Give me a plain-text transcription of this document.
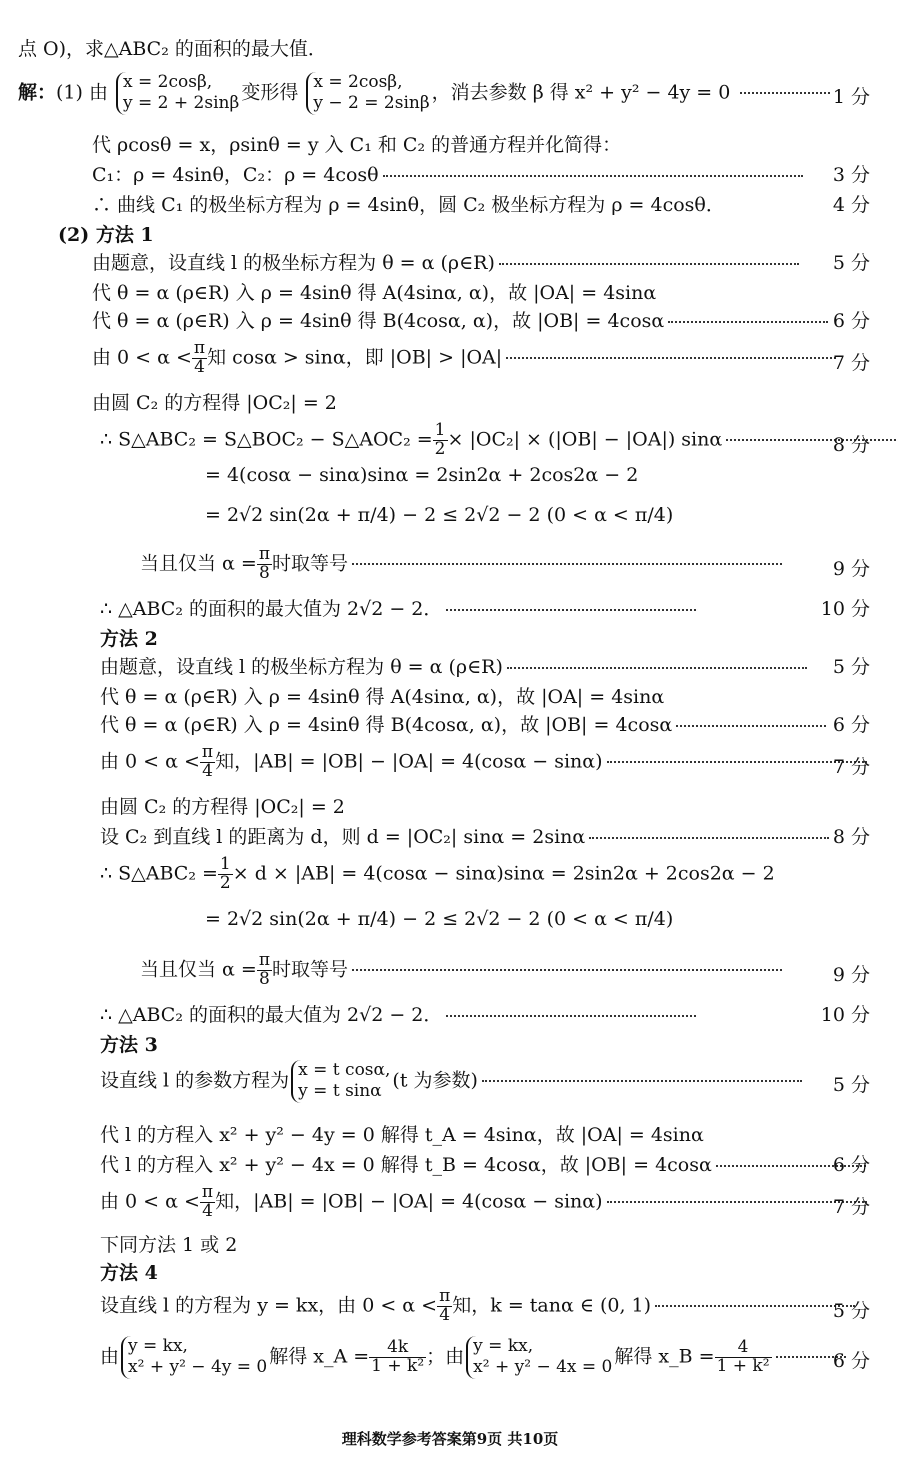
点 O)，求△ABC₂ 的面积的最大值．
解：(1) 由 x = 2cosβ,
y = 2 + 2sinβ 变形得 x = 2cosβ,
y − 2 = 2sinβ ，消去参数 β 得 x² + y² − 4y = 0	1 分
代 ρcosθ = x，ρsinθ = y 入 C₁ 和 C₂ 的普通方程并化简得：
C₁：ρ = 4sinθ，C₂：ρ = 4cosθ	3 分
∴ 曲线 C₁ 的极坐标方程为 ρ = 4sinθ，圆 C₂ 极坐标方程为 ρ = 4cosθ．	4 分
(2) 方法 1
由题意，设直线 l 的极坐标方程为 θ = α (ρ∈R)	5 分
代 θ = α (ρ∈R) 入 ρ = 4sinθ 得 A(4sinα, α)，故 |OA| = 4sinα
代 θ = α (ρ∈R) 入 ρ = 4sinθ 得 B(4cosα, α)，故 |OB| = 4cosα	6 分
由 $0 < \alpha < \frac{\pi}{4}$ 知 cosα > sinα，即 |OB| > |OA|	7 分
由圆 C₂ 的方程得 |OC₂| = 2
∴ S△ABC₂ = S△BOC₂ − S△AOC₂ = $\frac{1}{2} \times |OC_2| \times (|OB| - |OA|)$ sinα	8 分
= 4(cosα − sinα)sinα = 2sin2α + 2cos2α − 2
= 2√2 sin(2α + π/4) − 2 ≤ 2√2 − 2 (0 < α < π/4)
当且仅当 $\alpha = \frac{\pi}{8}$ 时取等号	9 分
∴ △ABC₂ 的面积的最大值为 2√2 − 2．	10 分
方法 2
由题意，设直线 l 的极坐标方程为 θ = α (ρ∈R)	5 分
代 θ = α (ρ∈R) 入 ρ = 4sinθ 得 A(4sinα, α)，故 |OA| = 4sinα
代 θ = α (ρ∈R) 入 ρ = 4sinθ 得 B(4cosα, α)，故 |OB| = 4cosα	6 分
由 $0 < \alpha < \frac{\pi}{4}$ 知，|AB| = |OB| − |OA| = 4(cosα − sinα)	7 分
由圆 C₂ 的方程得 |OC₂| = 2
设 C₂ 到直线 l 的距离为 d，则 d = |OC₂| sinα = 2sinα	8 分
∴ S△ABC₂ = $\frac{1}{2} \times d \times |AB| = 4(\cos\alpha - \sin\alpha)\sin\alpha = 2\sin 2\alpha + 2\cos 2\alpha - 2$
= 2√2 sin(2α + π/4) − 2 ≤ 2√2 − 2 (0 < α < π/4)
当且仅当 $\alpha = \frac{\pi}{8}$ 时取等号	9 分
∴ △ABC₂ 的面积的最大值为 2√2 − 2．	10 分
方法 3
设直线 l 的参数方程为 x = t cosα,
y = t sinα (t 为参数)	5 分
代 l 的方程入 x² + y² − 4y = 0 解得 t_A = 4sinα，故 |OA| = 4sinα
代 l 的方程入 x² + y² − 4x = 0 解得 t_B = 4cosα，故 |OB| = 4cosα	6 分
由 $0 < \alpha < \frac{\pi}{4}$ 知，|AB| = |OB| − |OA| = 4(cosα − sinα)	7 分
下同方法 1 或 2
方法 4
设直线 l 的方程为 y = kx，由 $0 < \alpha < \frac{\pi}{4}$ 知，k = tanα ∈ (0, 1)	5 分
由 y = kx,
x² + y² − 4y = 0 解得 x_A = $\frac{4k}{\text{1 + k²}}$ ；由 y = kx,
x² + y² − 4x = 0 解得 x_B = $\frac{4}{\text{1 + k²}}$	6 分
理科数学参考答案第9页 共10页
